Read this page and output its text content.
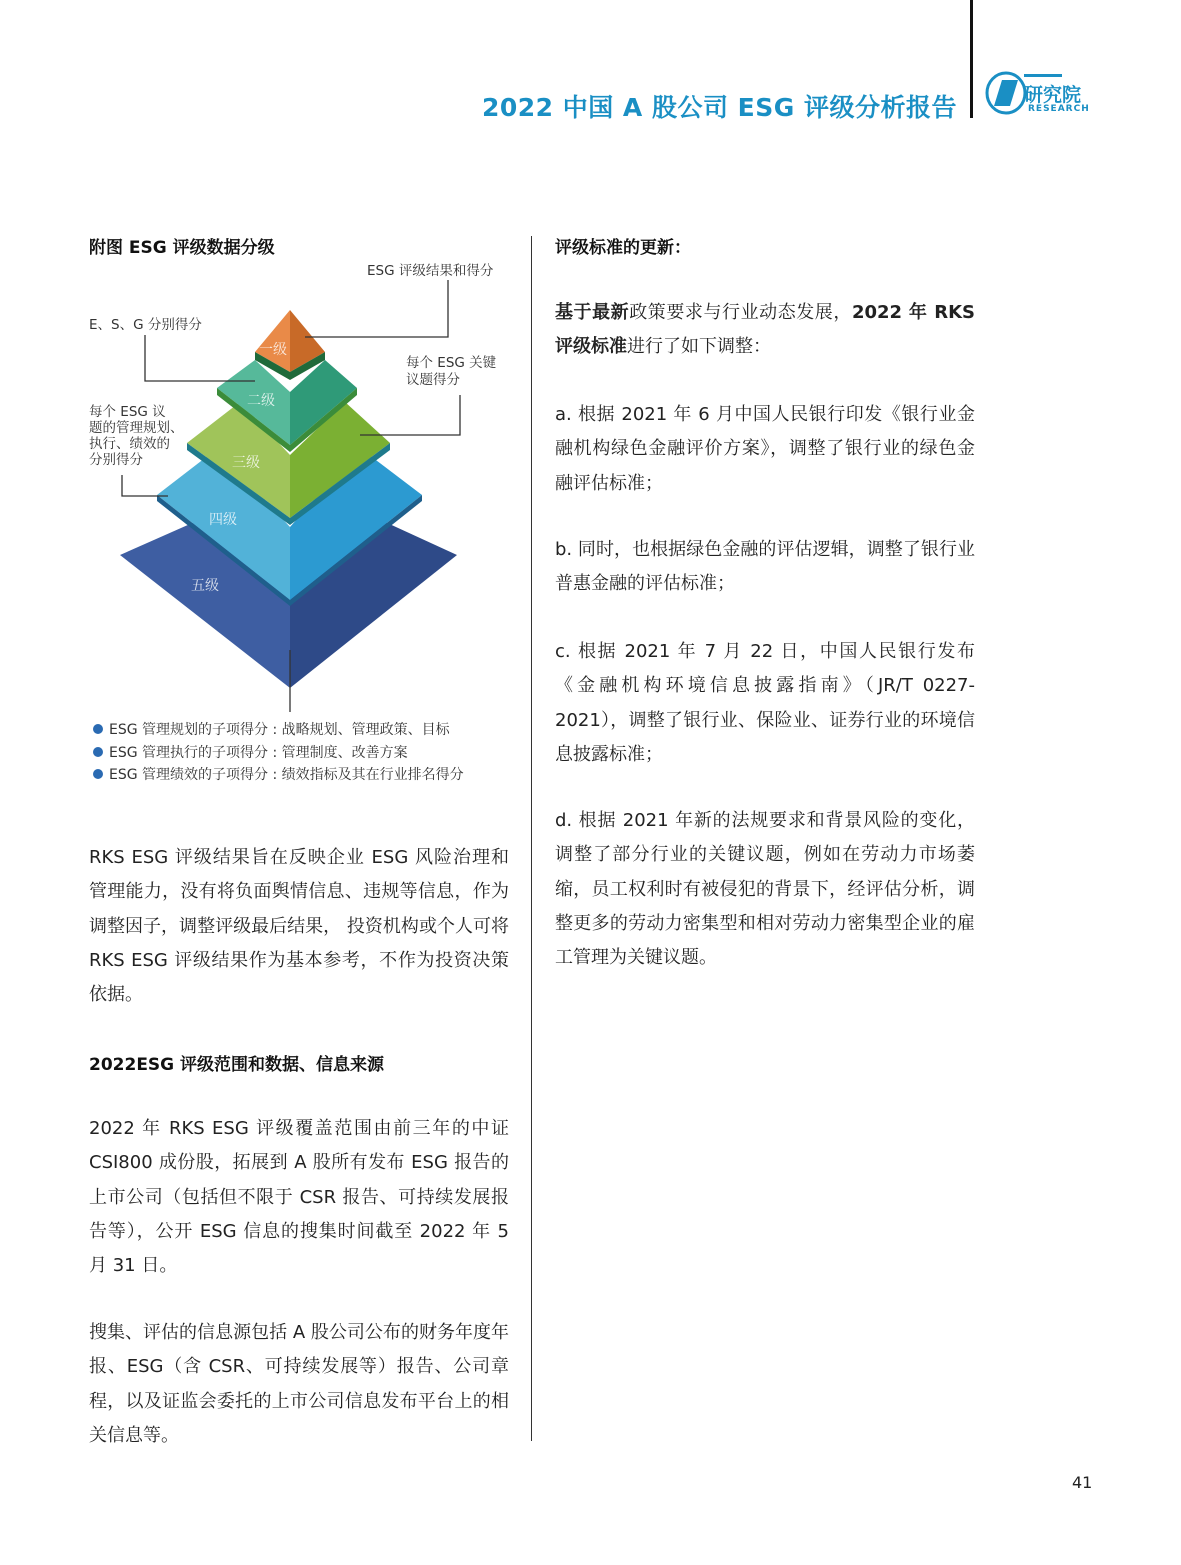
2022 中国 A 股公司 ESG 评级分析报告	研究院
RESEARCH
附图 ESG 评级数据分级
ESG 评级结果和得分
E、S、G 分别得分
每个 ESG 关键
议题得分
每个 ESG 议
题的管理规划、
执行、绩效的
分别得分
一级
二级
三级
四级
五级
ESG 管理规划的子项得分 : 战略规划、管理政策、目标
ESG 管理执行的子项得分 : 管理制度、改善方案
ESG 管理绩效的子项得分 : 绩效指标及其在行业排名得分
RKS ESG 评级结果旨在反映企业 ESG 风险治理和管理能力，没有将负面舆情信息、违规等信息，作为调整因子，调整评级最后结果， 投资机构或个人可将 RKS ESG 评级结果作为基本参考，不作为投资决策依据。
2022ESG 评级范围和数据、信息来源
2022 年 RKS ESG 评级覆盖范围由前三年的中证 CSI800 成份股，拓展到 A 股所有发布 ESG 报告的上市公司（包括但不限于 CSR 报告、可持续发展报告等），公开 ESG 信息的搜集时间截至 2022 年 5 月 31 日。
搜集、评估的信息源包括 A 股公司公布的财务年度年报、ESG（含 CSR、可持续发展等）报告、公司章程，以及证监会委托的上市公司信息发布平台上的相关信息等。
评级标准的更新：
基于最新政策要求与行业动态发展，2022 年 RKS 评级标准进行了如下调整：
a. 根据 2021 年 6 月中国人民银行印发《银行业金融机构绿色金融评价方案》，调整了银行业的绿色金融评估标准；
b. 同时，也根据绿色金融的评估逻辑，调整了银行业普惠金融的评估标准；
c. 根据 2021 年 7 月 22 日，中国人民银行发布《金融机构环境信息披露指南》（JR/T 0227-2021），调整了银行业、保险业、证券行业的环境信息披露标准；
d. 根据 2021 年新的法规要求和背景风险的变化，调整了部分行业的关键议题，例如在劳动力市场萎缩，员工权利时有被侵犯的背景下，经评估分析，调整更多的劳动力密集型和相对劳动力密集型企业的雇工管理为关键议题。
41
